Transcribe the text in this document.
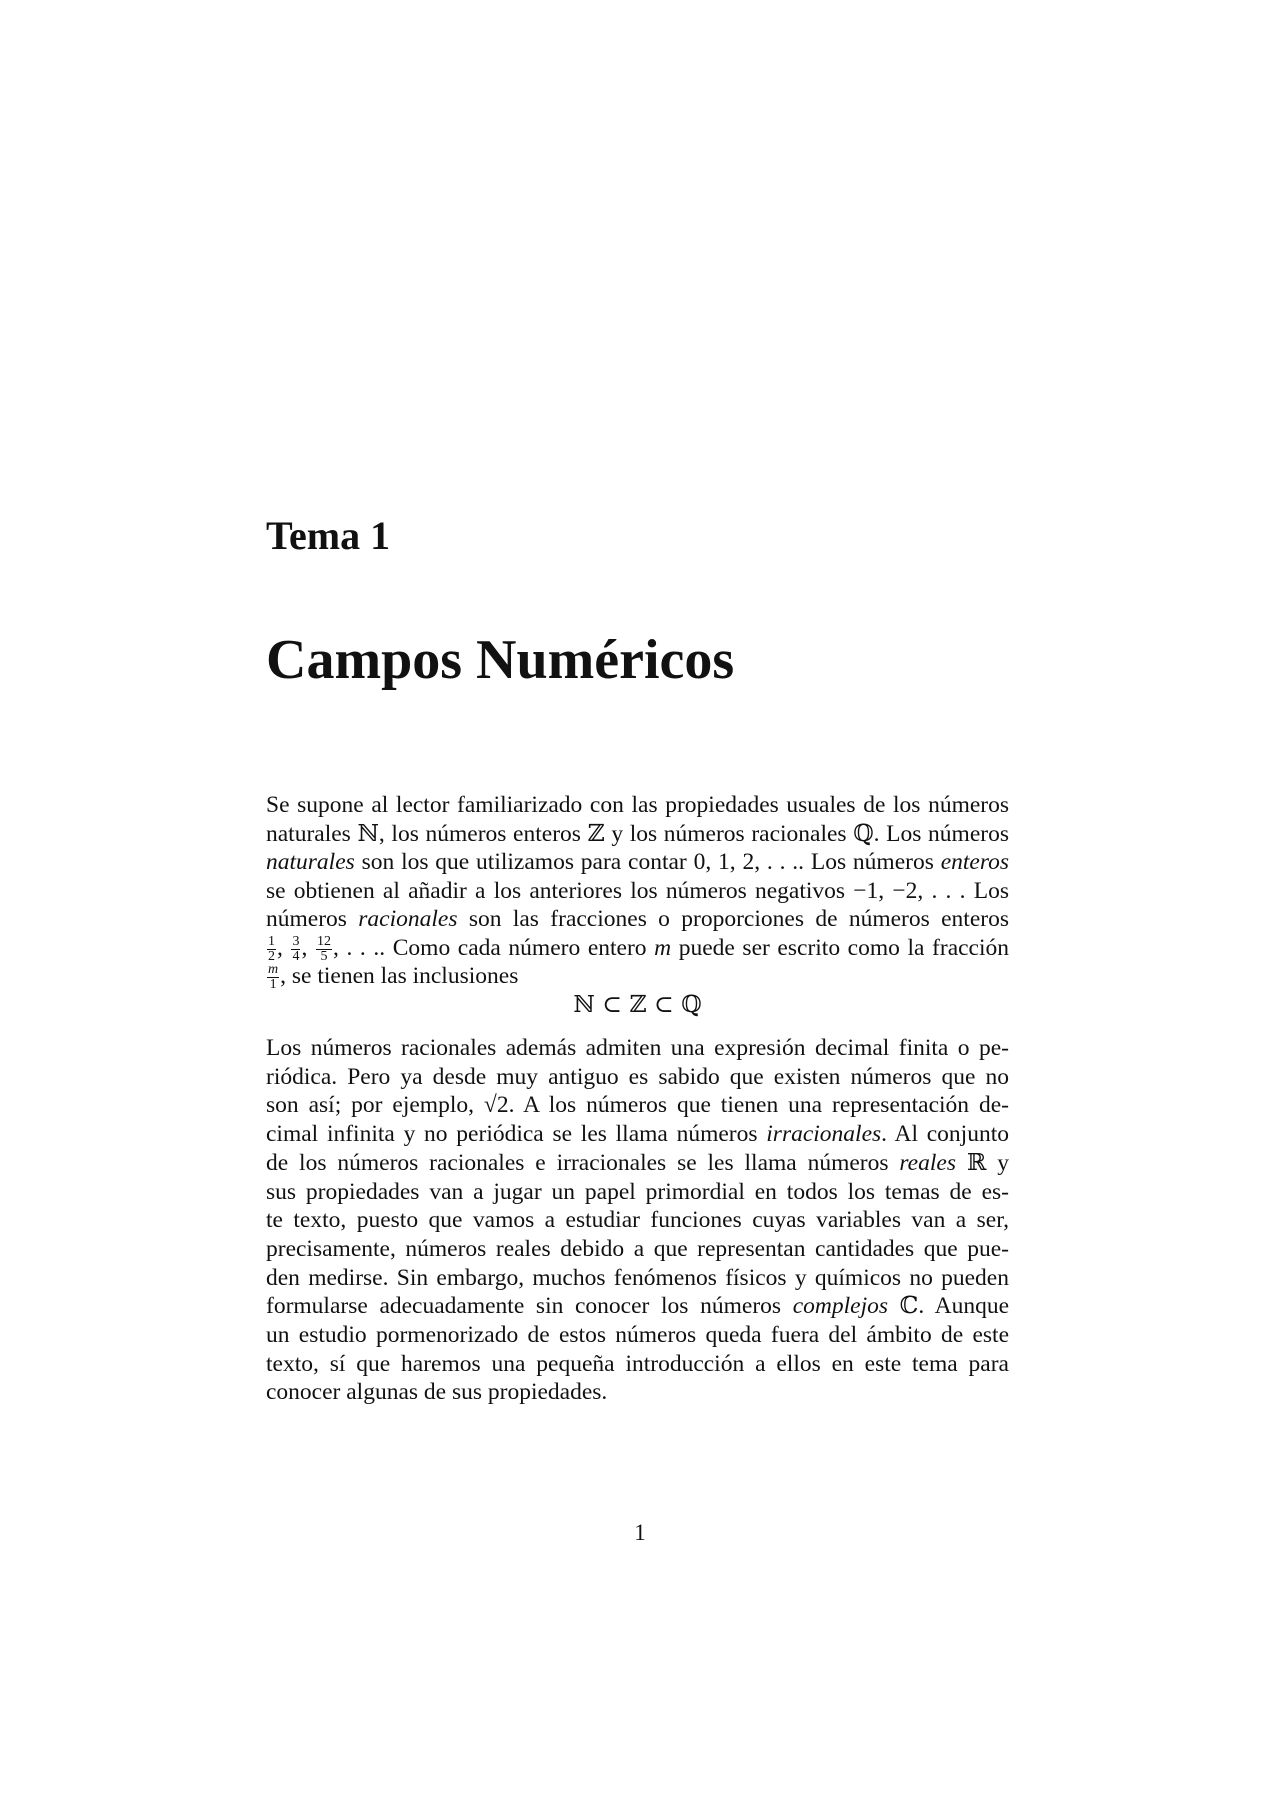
Tema 1
Campos Numéricos
Se supone al lector familiarizado con las propiedades usuales de los números
naturales ℕ, los números enteros ℤ y los números racionales ℚ. Los números
naturales son los que utilizamos para contar 0, 1, 2, . . .. Los números enteros
se obtienen al añadir a los anteriores los números negativos −1, −2, . . . Los
números racionales son las fracciones o proporciones de números enteros
$\frac{1}{2}$ , $\frac{3}{4}$ , $\frac{12}{5}$ , . . .. Como cada número entero m puede ser escrito como la fracción
$\frac{m}{1}$ , se tienen las inclusiones
ℕ ⊂ ℤ ⊂ ℚ
Los números racionales además admiten una expresión decimal finita o pe-
riódica. Pero ya desde muy antiguo es sabido que existen números que no
son así; por ejemplo, √2. A los números que tienen una representación de-
cimal infinita y no periódica se les llama números irracionales. Al conjunto
de los números racionales e irracionales se les llama números reales ℝ y
sus propiedades van a jugar un papel primordial en todos los temas de es-
te texto, puesto que vamos a estudiar funciones cuyas variables van a ser,
precisamente, números reales debido a que representan cantidades que pue-
den medirse. Sin embargo, muchos fenómenos físicos y químicos no pueden
formularse adecuadamente sin conocer los números complejos ℂ. Aunque
un estudio pormenorizado de estos números queda fuera del ámbito de este
texto, sí que haremos una pequeña introducción a ellos en este tema para
conocer algunas de sus propiedades.
1
